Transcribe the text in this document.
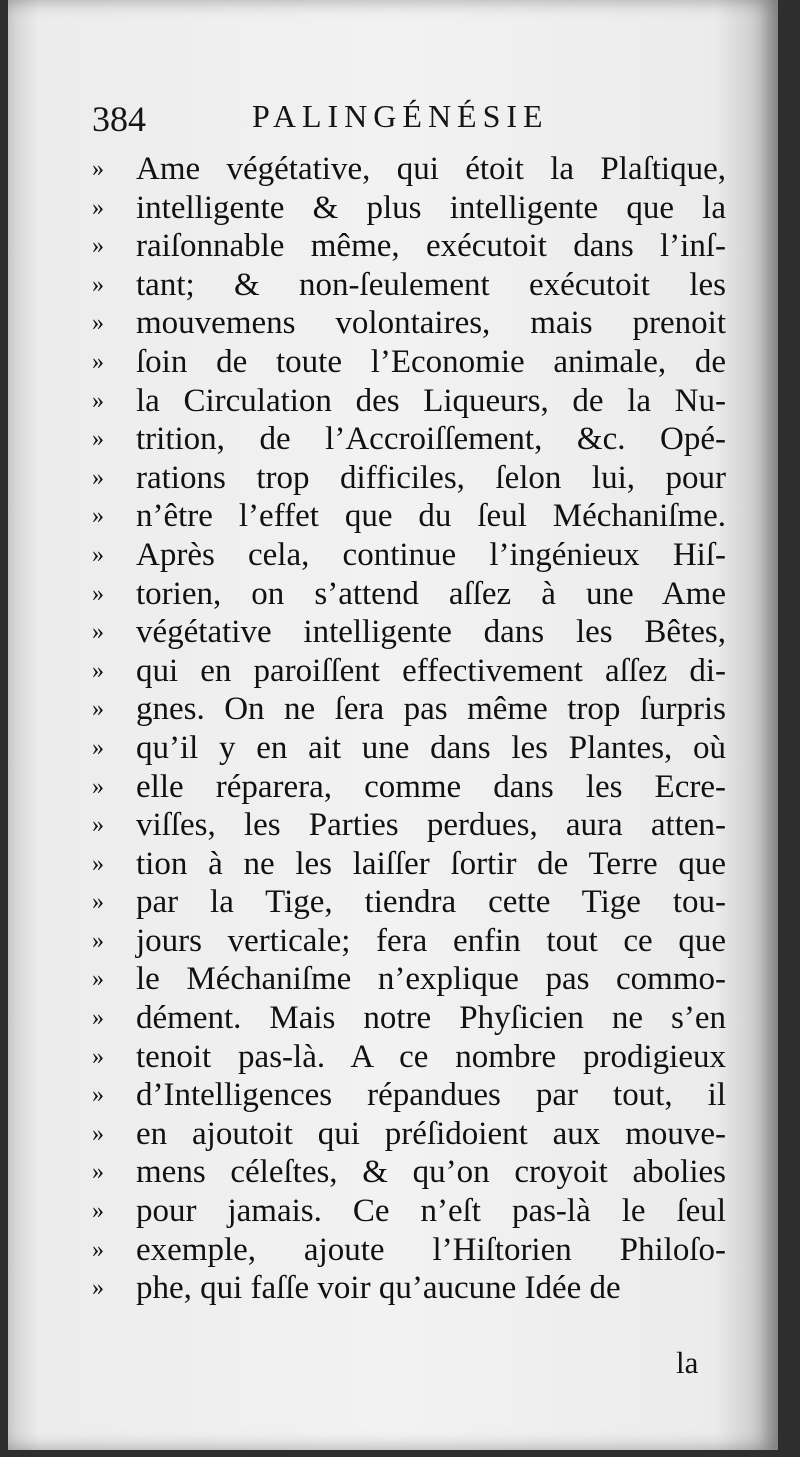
384	PALINGÉNÉSIE
» Ame végétative, qui étoit la Plaſtique,
» intelligente & plus intelligente que la
» raiſonnable même, exécutoit dans l’inſ-
» tant; & non-ſeulement exécutoit les
» mouvemens volontaires, mais prenoit
» ſoin de toute l’Economie animale, de
» la Circulation des Liqueurs, de la Nu-
» trition, de l’Accroiſſement, &c. Opé-
» rations trop difficiles, ſelon lui, pour
» n’être l’effet que du ſeul Méchaniſme.
» Après cela, continue l’ingénieux Hiſ-
» torien, on s’attend aſſez à une Ame
» végétative intelligente dans les Bêtes,
» qui en paroiſſent effectivement aſſez di-
» gnes. On ne ſera pas même trop ſurpris
» qu’il y en ait une dans les Plantes, où
» elle réparera, comme dans les Ecre-
» viſſes, les Parties perdues, aura atten-
» tion à ne les laiſſer ſortir de Terre que
» par la Tige, tiendra cette Tige tou-
» jours verticale; fera enfin tout ce que
» le Méchaniſme n’explique pas commo-
» dément. Mais notre Phyſicien ne s’en
» tenoit pas-là. A ce nombre prodigieux
» d’Intelligences répandues par tout, il
» en ajoutoit qui préſidoient aux mouve-
» mens céleſtes, & qu’on croyoit abolies
» pour jamais. Ce n’eſt pas-là le ſeul
» exemple, ajoute l’Hiſtorien Philoſo-
» phe, qui faſſe voir qu’aucune Idée de
la
